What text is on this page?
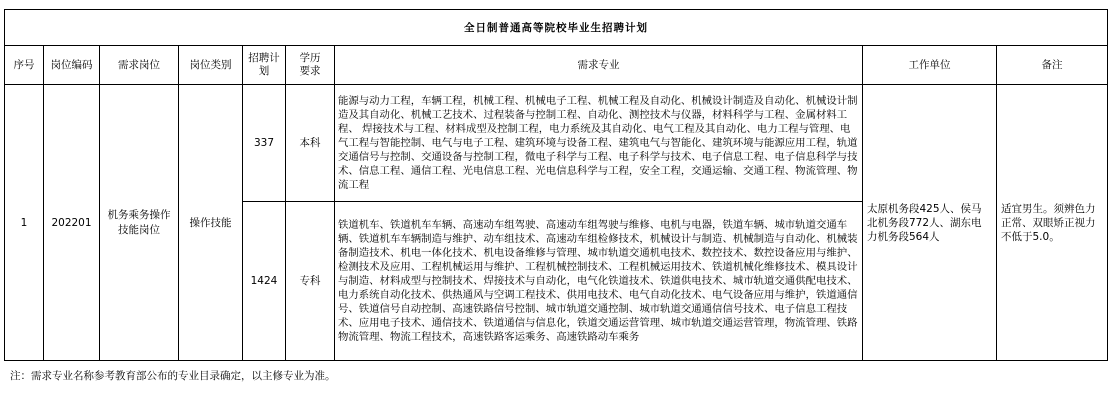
全日制普通高等院校毕业生招聘计划								
序号	岗位编码	需求岗位	岗位类别	招聘计划	学历要求	需求专业	工作单位	备注
1	202201	机务乘务操作技能岗位	操作技能	337	本科	能源与动力工程，车辆工程，机械工程、机械电子工程、机械工程及自动化、机械设计制造及自动化、机械设计制造及其自动化、机械工艺技术、过程装备与控制工程、自动化、测控技术与仪器，材料科学与工程、金属材料工程、 焊接技术与工程、材料成型及控制工程，电力系统及其自动化、电气工程及其自动化、电力工程与管理、电气工程与智能控制、电气与电子工程、建筑环境与设备工程、建筑电气与智能化、建筑环境与能源应用工程，轨道交通信号与控制、交通设备与控制工程，微电子科学与工程、电子科学与技术、电子信息工程、电子信息科学与技术、信息工程、通信工程、光电信息工程、光电信息科学与工程，安全工程，交通运输、交通工程、物流管理、物流工程	太原机务段425人、侯马北机务段772人、湖东电力机务段564人	适宜男生。须辨色力正常、双眼矫正视力不低于5.0。
				1424	专科	铁道机车、铁道机车车辆、高速动车组驾驶、高速动车组驾驶与维修、电机与电器，铁道车辆、城市轨道交通车辆、铁道机车车辆制造与维护、动车组技术、高速动车组检修技术，机械设计与制造、机械制造与自动化、机械装备制造技术、机电一体化技术、机电设备维修与管理、城市轨道交通机电技术、数控技术、数控设备应用与维护、检测技术及应用、工程机械运用与维护、工程机械控制技术、工程机械运用技术、铁道机械化维修技术、模具设计与制造、材料成型与控制技术、焊接技术与自动化，电气化铁道技术、铁道供电技术、城市轨道交通供配电技术、电力系统自动化技术、供热通风与空调工程技术、供用电技术、电气自动化技术、电气设备应用与维护，铁道通信号、铁道信号自动控制、高速铁路信号控制、城市轨道交通控制、城市轨道交通通信信号技术、电子信息工程技术、应用电子技术、通信技术、铁道通信与信息化，铁道交通运营管理、城市轨道交通运营管理，物流管理、铁路物流管理、物流工程技术，高速铁路客运乘务、高速铁路动车乘务		
注：需求专业名称参考教育部公布的专业目录确定，以主修专业为准。
